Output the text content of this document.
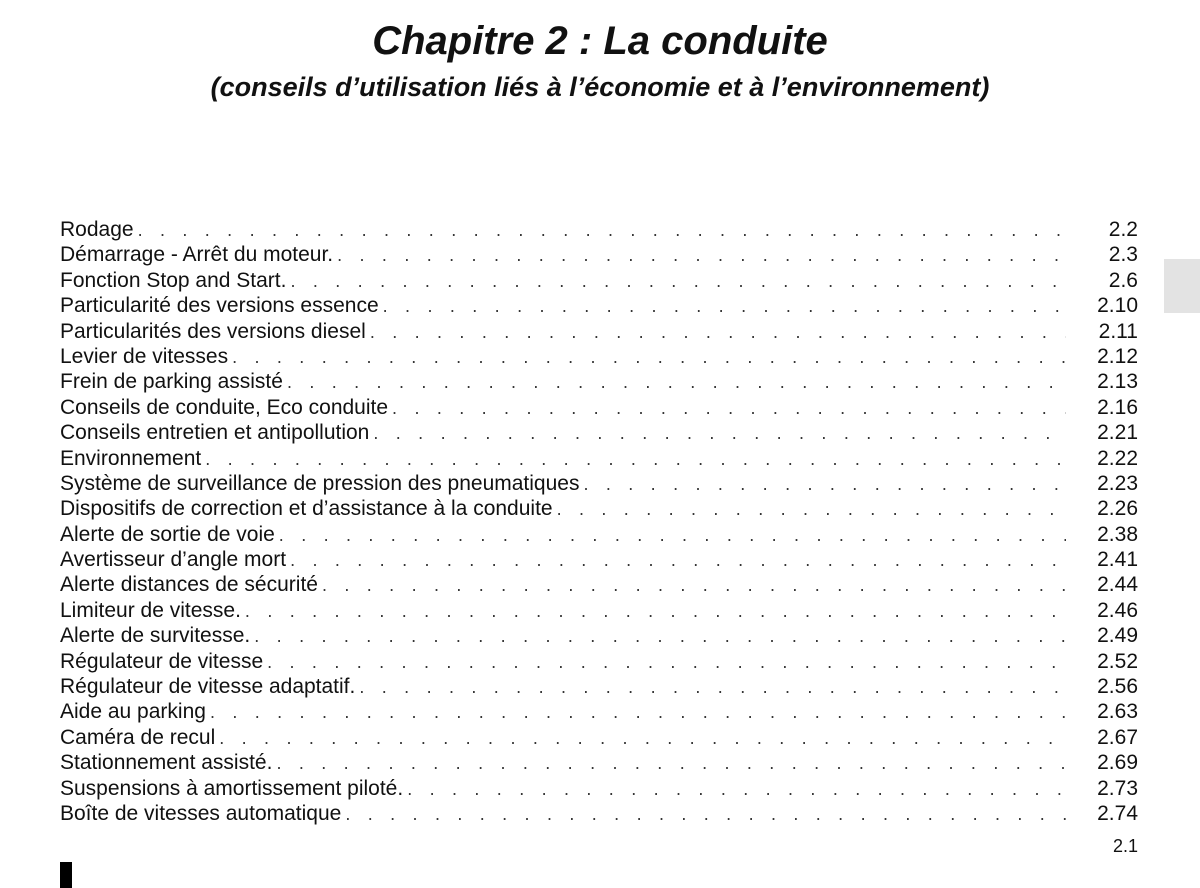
Chapitre 2 : La conduite
(conseils d’utilisation liés à l’économie et à l’environnement)
Rodage . . .	2.2
Démarrage - Arrêt du moteur. . . .	2.3
Fonction Stop and Start. . . .	2.6
Particularité des versions essence . . .	2.10
Particularités des versions diesel . . .	2.11
Levier de vitesses . . .	2.12
Frein de parking assisté . . .	2.13
Conseils de conduite, Eco conduite . . .	2.16
Conseils entretien et antipollution . . .	2.21
Environnement . . .	2.22
Système de surveillance de pression des pneumatiques . . .	2.23
Dispositifs de correction et d’assistance à la conduite . . .	2.26
Alerte de sortie de voie . . .	2.38
Avertisseur d’angle mort . . .	2.41
Alerte distances de sécurité . . .	2.44
Limiteur de vitesse. . . .	2.46
Alerte de survitesse. . . .	2.49
Régulateur de vitesse . . .	2.52
Régulateur de vitesse adaptatif. . . .	2.56
Aide au parking . . .	2.63
Caméra de recul . . .	2.67
Stationnement assisté. . . .	2.69
Suspensions à amortissement piloté. . . .	2.73
Boîte de vitesses automatique . . .	2.74
2.1
